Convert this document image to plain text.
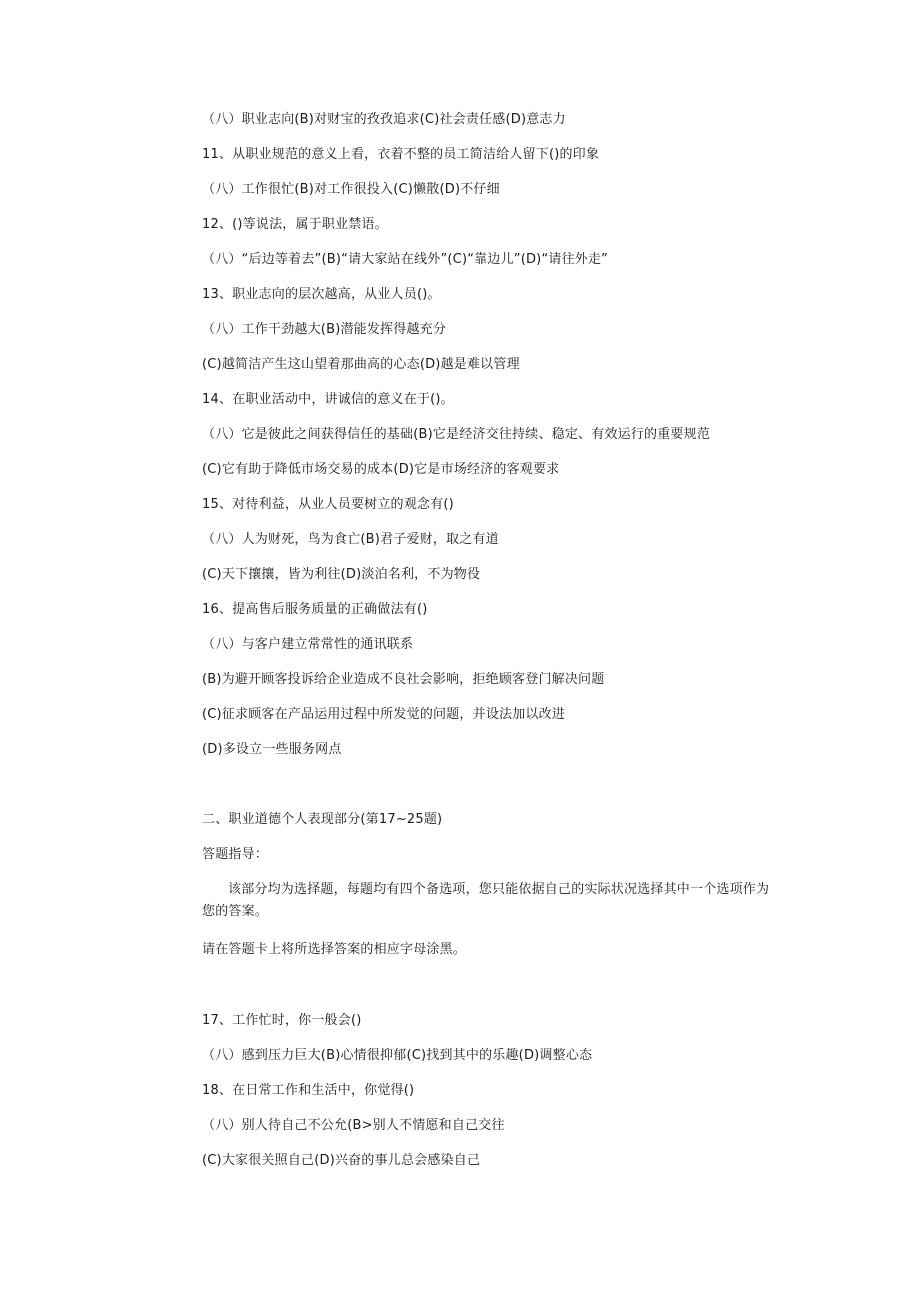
（八）职业志向(B)对财宝的孜孜追求(C)社会责任感(D)意志力
11、从职业规范的意义上看，衣着不整的员工简洁给人留下()的印象
（八）工作很忙(B)对工作很投入(C)懒散(D)不仔细
12、()等说法，属于职业禁语。
（八）“后边等着去”(B)“请大家站在线外”(C)“靠边儿”(D)“请往外走”
13、职业志向的层次越高，从业人员()。
（八）工作干劲越大(B)潜能发挥得越充分
(C)越简洁产生这山望着那曲高的心态(D)越是难以管理
14、在职业活动中，讲诚信的意义在于()。
（八）它是彼此之间获得信任的基础(B)它是经济交往持续、稳定、有效运行的重要规范
(C)它有助于降低市场交易的成本(D)它是市场经济的客观要求
15、对待利益，从业人员要树立的观念有()
（八）人为财死，鸟为食亡(B)君子爱财，取之有道
(C)天下攘攘，皆为利往(D)淡泊名利，不为物役
16、提高售后服务质量的正确做法有()
（八）与客户建立常常性的通讯联系
(B)为避开顾客投诉给企业造成不良社会影响，拒绝顾客登门解决问题
(C)征求顾客在产品运用过程中所发觉的问题，并设法加以改进
(D)多设立一些服务网点
二、职业道德个人表现部分(第17~25题)
答题指导：
该部分均为选择题，每题均有四个备选项，您只能依据自己的实际状况选择其中一个选项作为您的答案。
请在答题卡上将所选择答案的相应字母涂黑。
17、工作忙时，你一般会()
（八）感到压力巨大(B)心情很抑郁(C)找到其中的乐趣(D)调整心态
18、在日常工作和生活中，你觉得()
（八）别人待自己不公允(B>别人不情愿和自己交往
(C)大家很关照自己(D)兴奋的事儿总会感染自己
